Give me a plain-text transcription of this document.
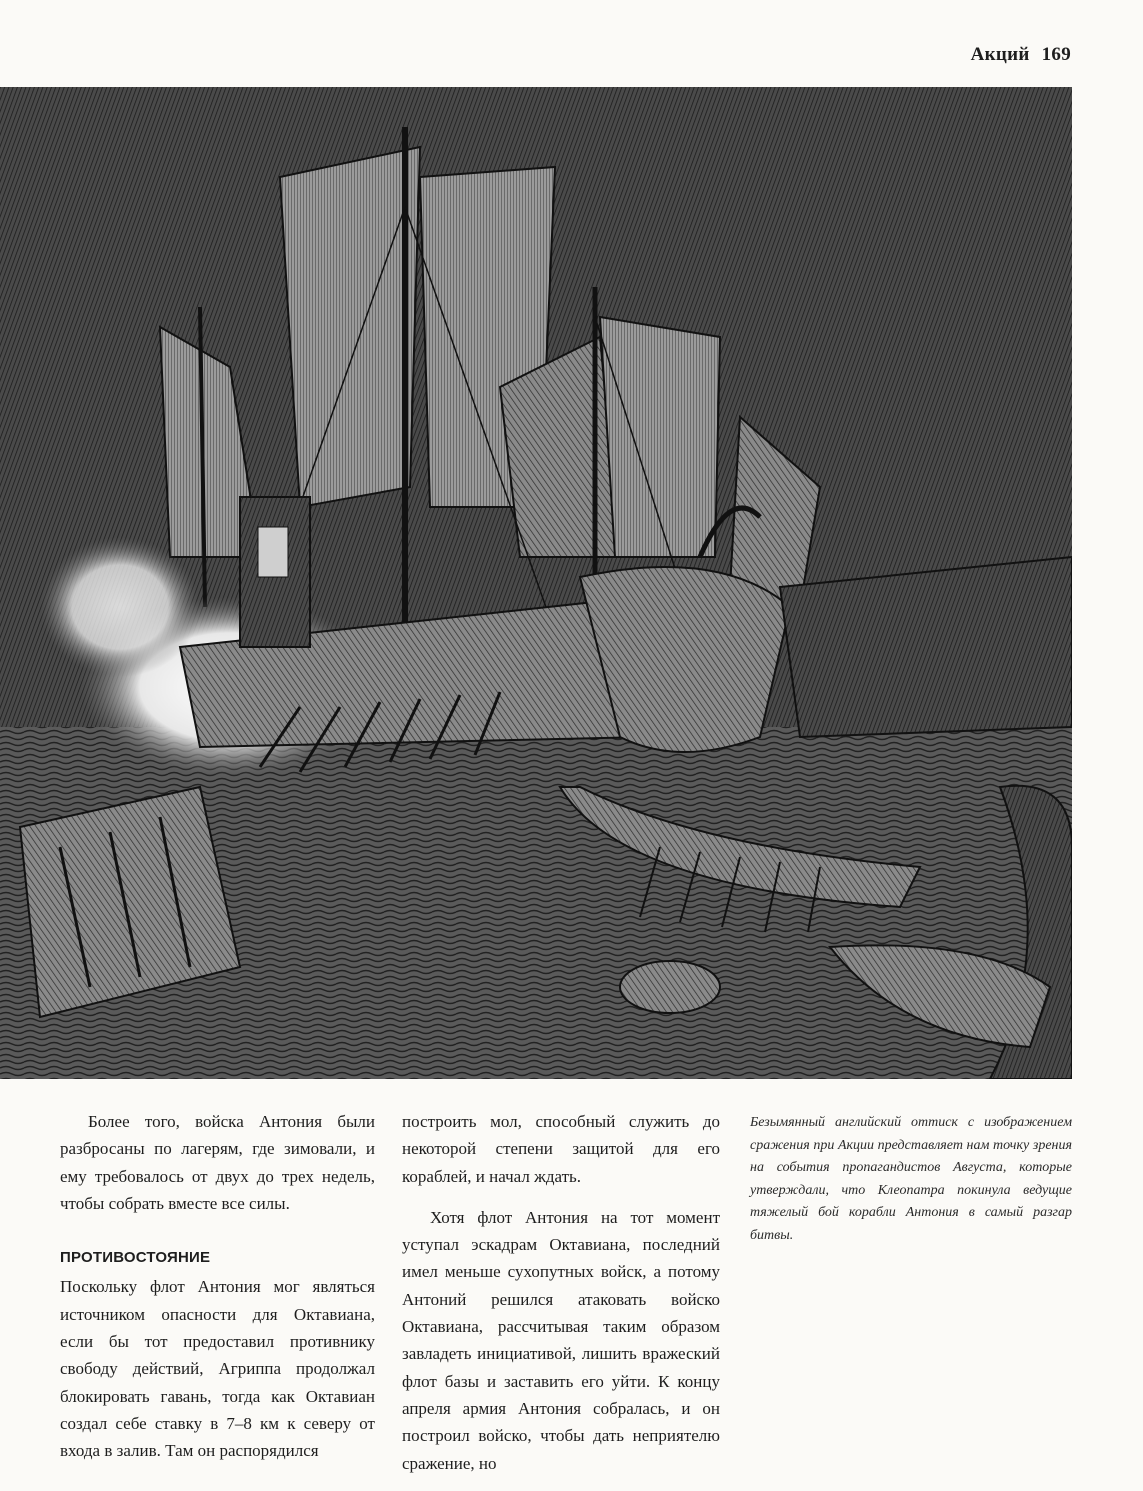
Акций 169

Более того, войска Антония были разбросаны по лагерям, где зимовали, и ему требовалось от двух до трех недель, чтобы собрать вместе все силы.

ПРОТИВОСТОЯНИЕ

Поскольку флот Антония мог являться источником опасности для Октавиана, если бы тот предоставил противнику свободу действий, Агриппа продолжал блокировать гавань, тогда как Октавиан создал себе ставку в 7–8 км к северу от входа в залив. Там он распорядился

построить мол, способный служить до некоторой степени защитой для его кораблей, и начал ждать.

Хотя флот Антония на тот момент уступал эскадрам Октавиана, последний имел меньше сухопутных войск, а потому Антоний решился атаковать войско Октавиана, рассчитывая таким образом завладеть инициативой, лишить вражеский флот базы и заставить его уйти. К концу апреля армия Антония собралась, и он построил войско, чтобы дать неприятелю сражение, но

Безымянный английский оттиск с изображением сражения при Акции представляет нам точку зрения на события пропагандистов Августа, которые утверждали, что Клеопатра покинула ведущие тяжелый бой корабли Антония в самый разгар битвы.
